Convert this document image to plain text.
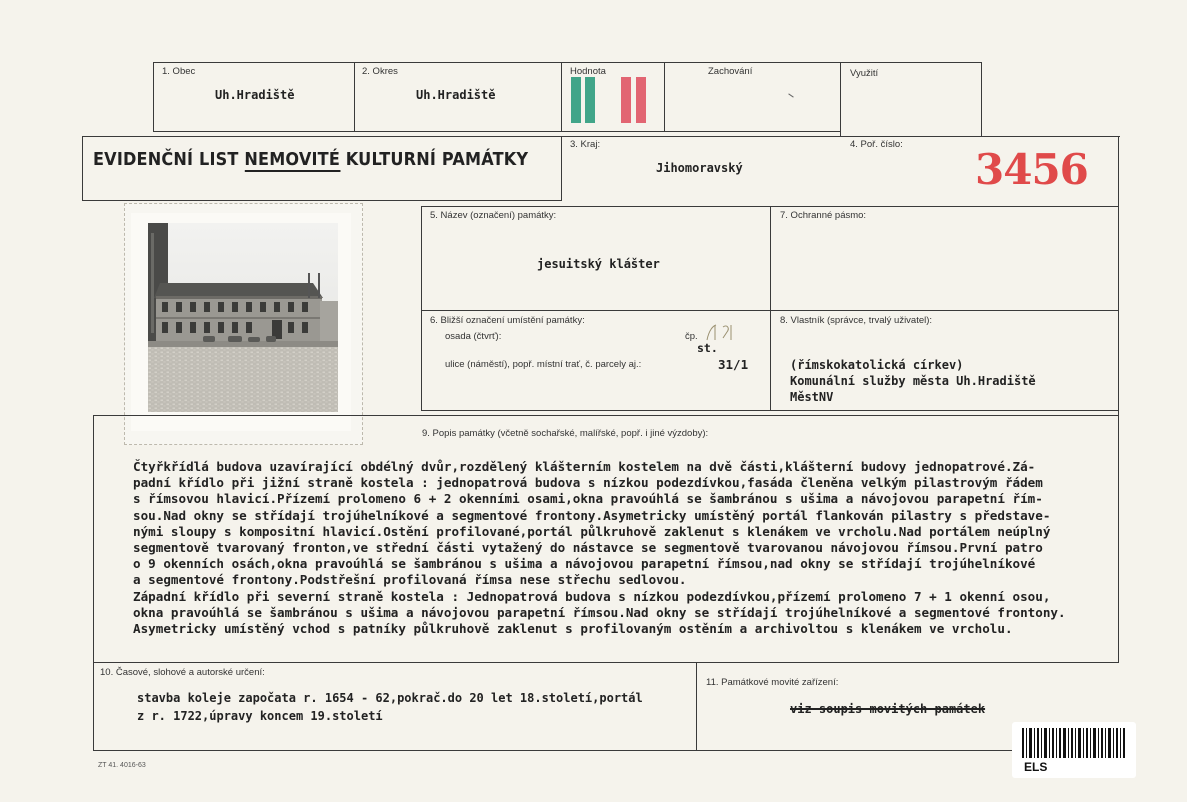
1. Obec
Uh.Hradiště
2. Okres
Uh.Hradiště
Hodnota	Zachování	Využití
EVIDENČNÍ LIST NEMOVITÉ KULTURNÍ PAMÁTKY
3. Kraj:
Jihomoravský
4. Poř. číslo:
3456
5. Název (označení) památky:
jesuitský klášter
7. Ochranné pásmo:
6. Bližší označení umístění památky:
osada (čtvrť):	čp.
st.
ulice (náměstí), popř. místní trať, č. parcely aj.:	31/1
8. Vlastník (správce, trvalý uživatel):
(římskokatolická církev)
Komunální služby města Uh.Hradiště
MěstNV
9. Popis památky (včetně sochařské, malířské, popř. i jiné výzdoby):
Čtyřkřídlá budova uzavírající obdélný dvůr,rozdělený klášterním kostelem na dvě části,klášterní budovy jednopatrové.Zá-
padní křídlo při jižní straně kostela : jednopatrová budova s nízkou podezdívkou,fasáda členěna velkým pilastrovým řádem
s římsovou hlavicí.Přízemí prolomeno 6 + 2 okenními osami,okna pravoúhlá se šambránou s ušima a návojovou parapetní řím-
sou.Nad okny se střídají trojúhelníkové a segmentové frontony.Asymetricky umístěný portál flankován pilastry s představe-
nými sloupy s kompositní hlavicí.Ostění profilované,portál půlkruhově zaklenut s klenákem ve vrcholu.Nad portálem neúplný
segmentově tvarovaný fronton,ve střední části vytažený do nástavce se segmentově tvarovanou návojovou římsou.První patro
o 9 okenních osách,okna pravoúhlá se šambránou s ušima a návojovou parapetní římsou,nad okny se střídají trojúhelníkové
a segmentové frontony.Podstřešní profilovaná římsa nese střechu sedlovou.
Západní křídlo při severní straně kostela : Jednopatrová budova s nízkou podezdívkou,přízemí prolomeno 7 + 1 okenní osou,
okna pravoúhlá se šambránou s ušima a návojovou parapetní římsou.Nad okny se střídají trojúhelníkové a segmentové frontony.
Asymetricky umístěný vchod s patníky půlkruhově zaklenut s profilovaným ostěním a archivoltou s klenákem ve vrcholu.
10. Časové, slohové a autorské určení:
stavba koleje započata r. 1654 - 62,pokrač.do 20 let 18.století,portál
z r. 1722,úpravy koncem 19.století
11. Památkové movité zařízení:
viz soupis movitých památek
ELS
ZT 41. 4016-63
